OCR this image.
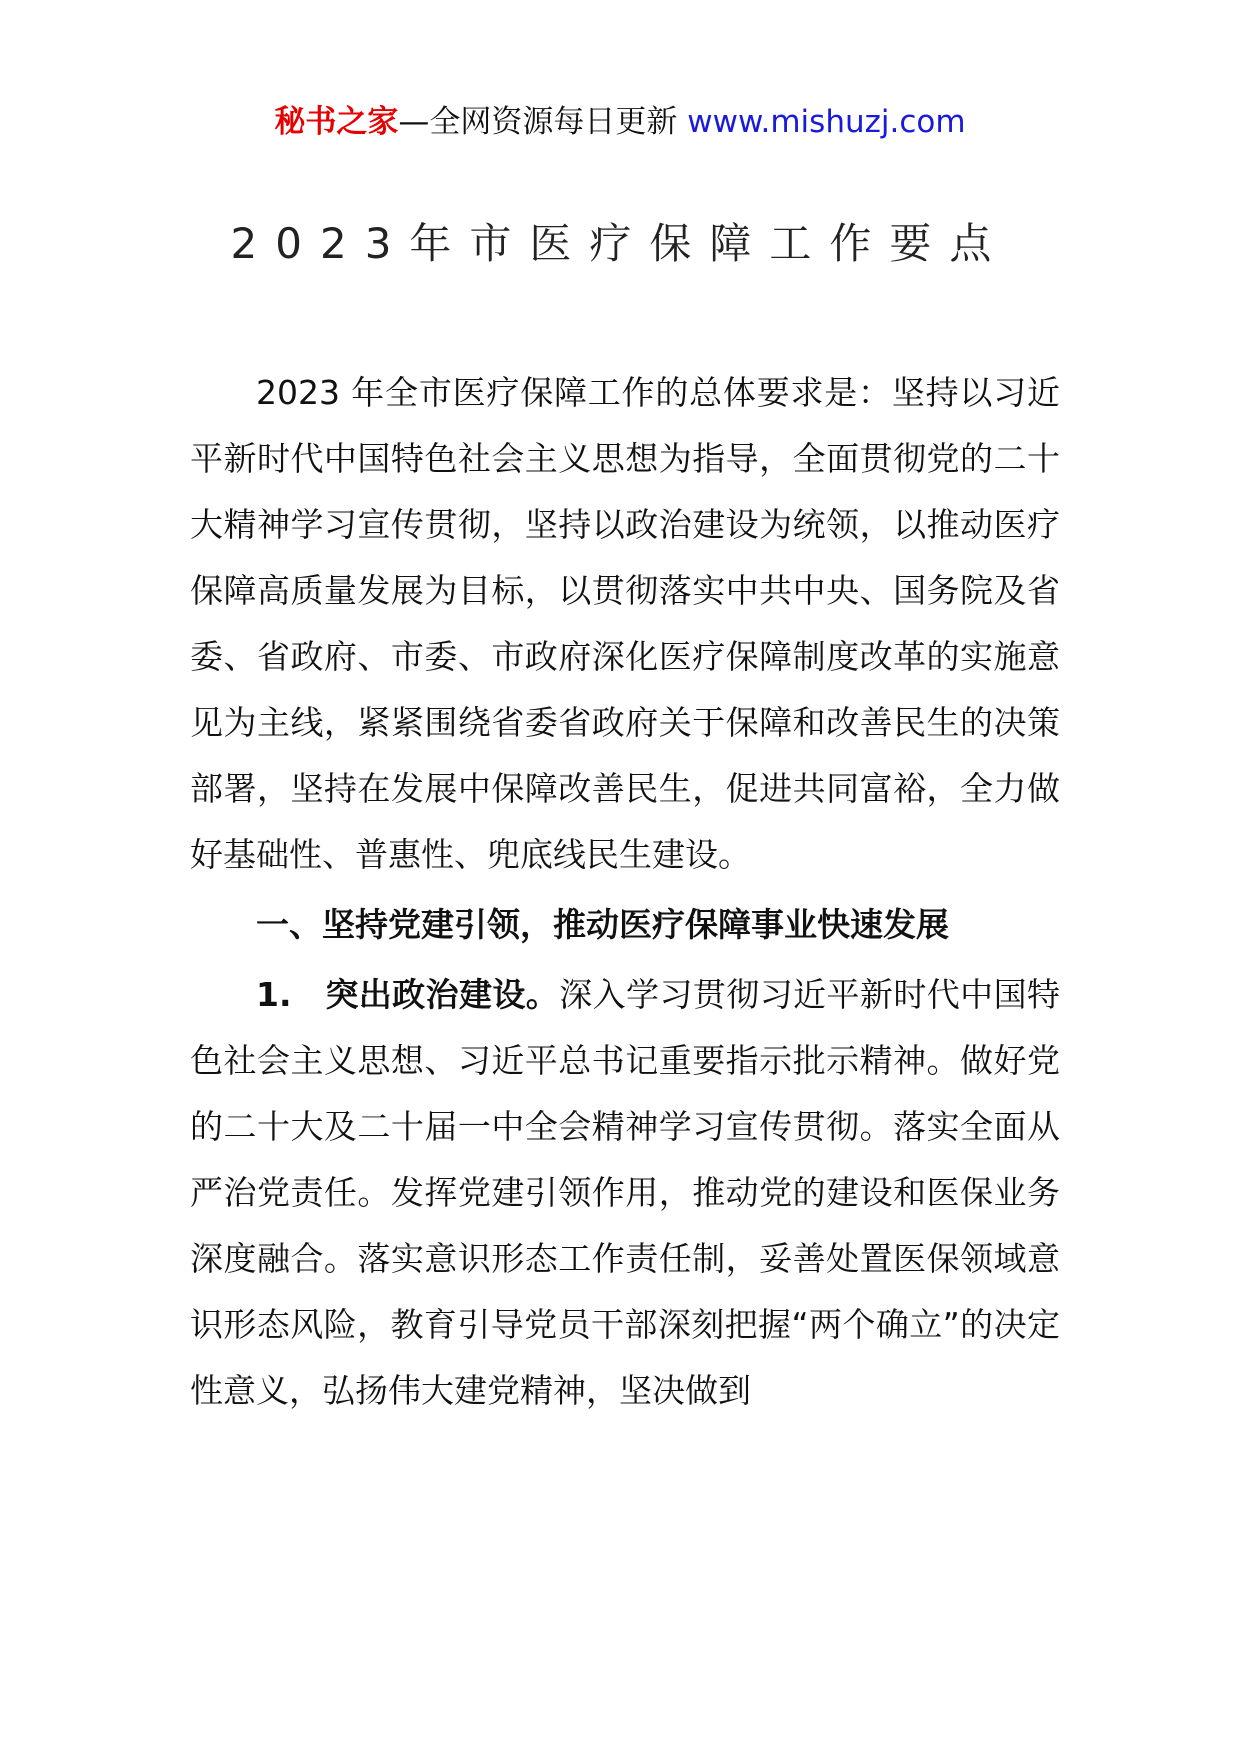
秘书之家—全网资源每日更新 www.mishuzj.com
2023年市医疗保障工作要点

2023 年全市医疗保障工作的总体要求是：坚持以习近平新时代中国特色社会主义思想为指导，全面贯彻党的二十大精神学习宣传贯彻，坚持以政治建设为统领，以推动医疗保障高质量发展为目标，以贯彻落实中共中央、国务院及省委、省政府、市委、市政府深化医疗保障制度改革的实施意见为主线，紧紧围绕省委省政府关于保障和改善民生的决策部署，坚持在发展中保障改善民生，促进共同富裕，全力做好基础性、普惠性、兜底线民生建设。

一、坚持党建引领，推动医疗保障事业快速发展

1.　突出政治建设。深入学习贯彻习近平新时代中国特色社会主义思想、习近平总书记重要指示批示精神。做好党的二十大及二十届一中全会精神学习宣传贯彻。落实全面从严治党责任。发挥党建引领作用，推动党的建设和医保业务深度融合。落实意识形态工作责任制，妥善处置医保领域意识形态风险，教育引导党员干部深刻把握“两个确立”的决定性意义，弘扬伟大建党精神，坚决做到
